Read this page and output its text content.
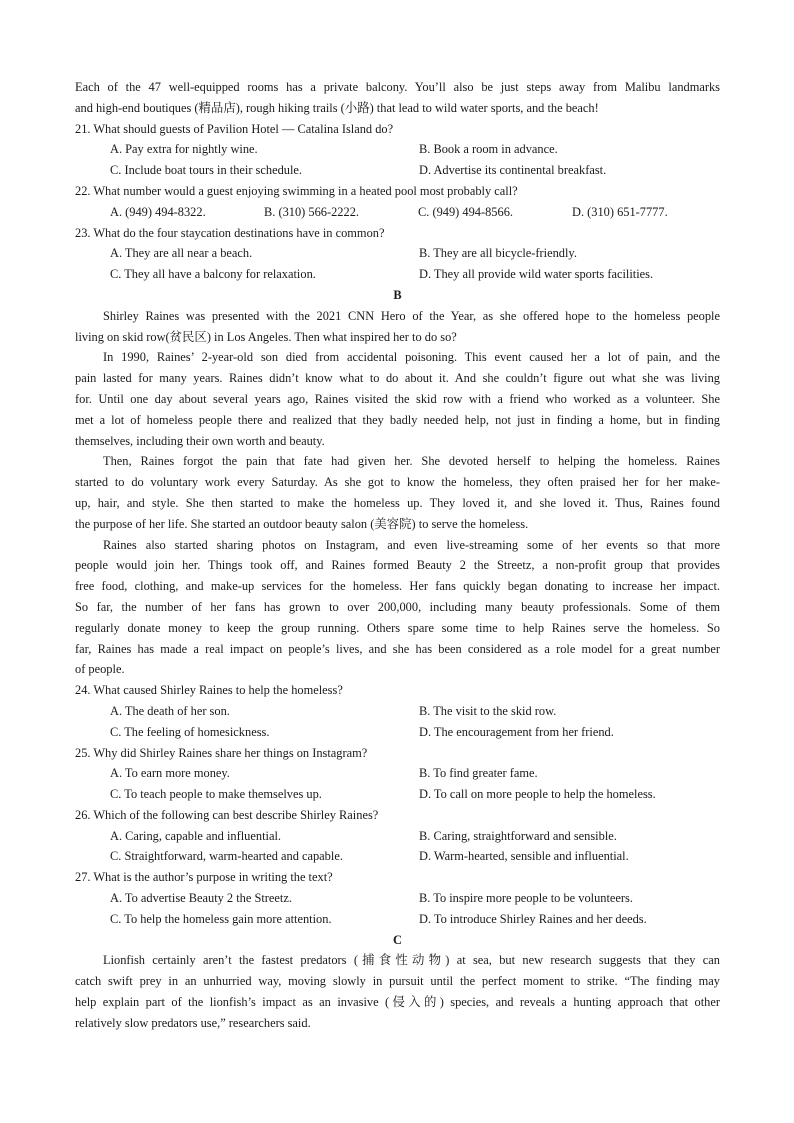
Each of the 47 well-equipped rooms has a private balcony. You’ll also be just steps away from Malibu landmarks
and high-end boutiques (精品店), rough hiking trails (小路) that lead to wild water sports, and the beach!
21. What should guests of Pavilion Hotel — Catalina Island do?
A. Pay extra for nightly wine.	B. Book a room in advance.
C. Include boat tours in their schedule.	D. Advertise its continental breakfast.
22. What number would a guest enjoying swimming in a heated pool most probably call?
A. (949) 494-8322.	B. (310) 566-2222.	C. (949) 494-8566.	D. (310) 651-7777.
23. What do the four staycation destinations have in common?
A. They are all near a beach.	B. They are all bicycle-friendly.
C. They all have a balcony for relaxation.	D. They all provide wild water sports facilities.
B
Shirley Raines was presented with the 2021 CNN Hero of the Year, as she offered hope to the homeless people
living on skid row(贫民区) in Los Angeles. Then what inspired her to do so?
In 1990, Raines’ 2-year-old son died from accidental poisoning. This event caused her a lot of pain, and the
pain lasted for many years. Raines didn’t know what to do about it. And she couldn’t figure out what she was living
for. Until one day about several years ago, Raines visited the skid row with a friend who worked as a volunteer. She
met a lot of homeless people there and realized that they badly needed help, not just in finding a home, but in finding
themselves, including their own worth and beauty.
Then, Raines forgot the pain that fate had given her. She devoted herself to helping the homeless. Raines
started to do voluntary work every Saturday. As she got to know the homeless, they often praised her for her make-
up, hair, and style. She then started to make the homeless up. They loved it, and she loved it. Thus, Raines found
the purpose of her life. She started an outdoor beauty salon (美容院) to serve the homeless.
Raines also started sharing photos on Instagram, and even live-streaming some of her events so that more
people would join her. Things took off, and Raines formed Beauty 2 the Streetz, a non-profit group that provides
free food, clothing, and make-up services for the homeless. Her fans quickly began donating to increase her impact.
So far, the number of her fans has grown to over 200,000, including many beauty professionals. Some of them
regularly donate money to keep the group running. Others spare some time to help Raines serve the homeless. So
far, Raines has made a real impact on people’s lives, and she has been considered as a role model for a great number
of people.
24. What caused Shirley Raines to help the homeless?
A. The death of her son.	B. The visit to the skid row.
C. The feeling of homesickness.	D. The encouragement from her friend.
25. Why did Shirley Raines share her things on Instagram?
A. To earn more money.	B. To find greater fame.
C. To teach people to make themselves up.	D. To call on more people to help the homeless.
26. Which of the following can best describe Shirley Raines?
A. Caring, capable and influential.	B. Caring, straightforward and sensible.
C. Straightforward, warm-hearted and capable.	D. Warm-hearted, sensible and influential.
27. What is the author’s purpose in writing the text?
A. To advertise Beauty 2 the Streetz.	B. To inspire more people to be volunteers.
C. To help the homeless gain more attention.	D. To introduce Shirley Raines and her deeds.
C
Lionfish certainly aren’t the fastest predators (捕食性动物) at sea, but new research suggests that they can
catch swift prey in an unhurried way, moving slowly in pursuit until the perfect moment to strike. “The finding may
help explain part of the lionfish’s impact as an invasive (侵入的) species, and reveals a hunting approach that other
relatively slow predators use,” researchers said.
